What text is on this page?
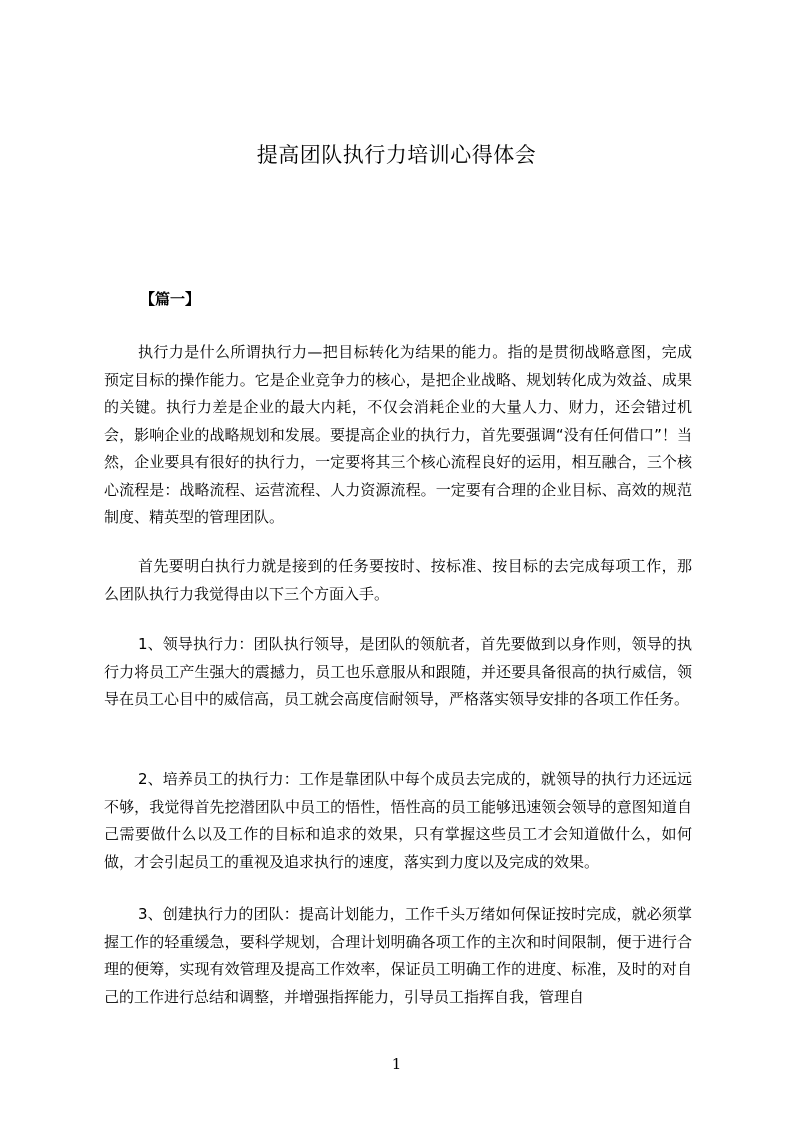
提高团队执行力培训心得体会

【篇一】

执行力是什么所谓执行力—把目标转化为结果的能力。指的是贯彻战略意图，完成预定目标的操作能力。它是企业竞争力的核心，是把企业战略、规划转化成为效益、成果的关键。执行力差是企业的最大内耗，不仅会消耗企业的大量人力、财力，还会错过机会，影响企业的战略规划和发展。要提高企业的执行力，首先要强调“没有任何借口”！当然，企业要具有很好的执行力，一定要将其三个核心流程良好的运用，相互融合，三个核心流程是：战略流程、运营流程、人力资源流程。一定要有合理的企业目标、高效的规范制度、精英型的管理团队。

首先要明白执行力就是接到的任务要按时、按标准、按目标的去完成每项工作，那么团队执行力我觉得由以下三个方面入手。

1、领导执行力：团队执行领导，是团队的领航者，首先要做到以身作则，领导的执行力将员工产生强大的震撼力，员工也乐意服从和跟随，并还要具备很高的执行威信，领导在员工心目中的威信高，员工就会高度信耐领导，严格落实领导安排的各项工作任务。

2、培养员工的执行力：工作是靠团队中每个成员去完成的，就领导的执行力还远远不够，我觉得首先挖潜团队中员工的悟性，悟性高的员工能够迅速领会领导的意图知道自己需要做什么以及工作的目标和追求的效果，只有掌握这些员工才会知道做什么，如何做，才会引起员工的重视及追求执行的速度，落实到力度以及完成的效果。

3、创建执行力的团队：提高计划能力，工作千头万绪如何保证按时完成，就必须掌握工作的轻重缓急，要科学规划，合理计划明确各项工作的主次和时间限制，便于进行合理的便筹，实现有效管理及提高工作效率，保证员工明确工作的进度、标准，及时的对自己的工作进行总结和调整，并增强指挥能力，引导员工指挥自我，管理自

1
